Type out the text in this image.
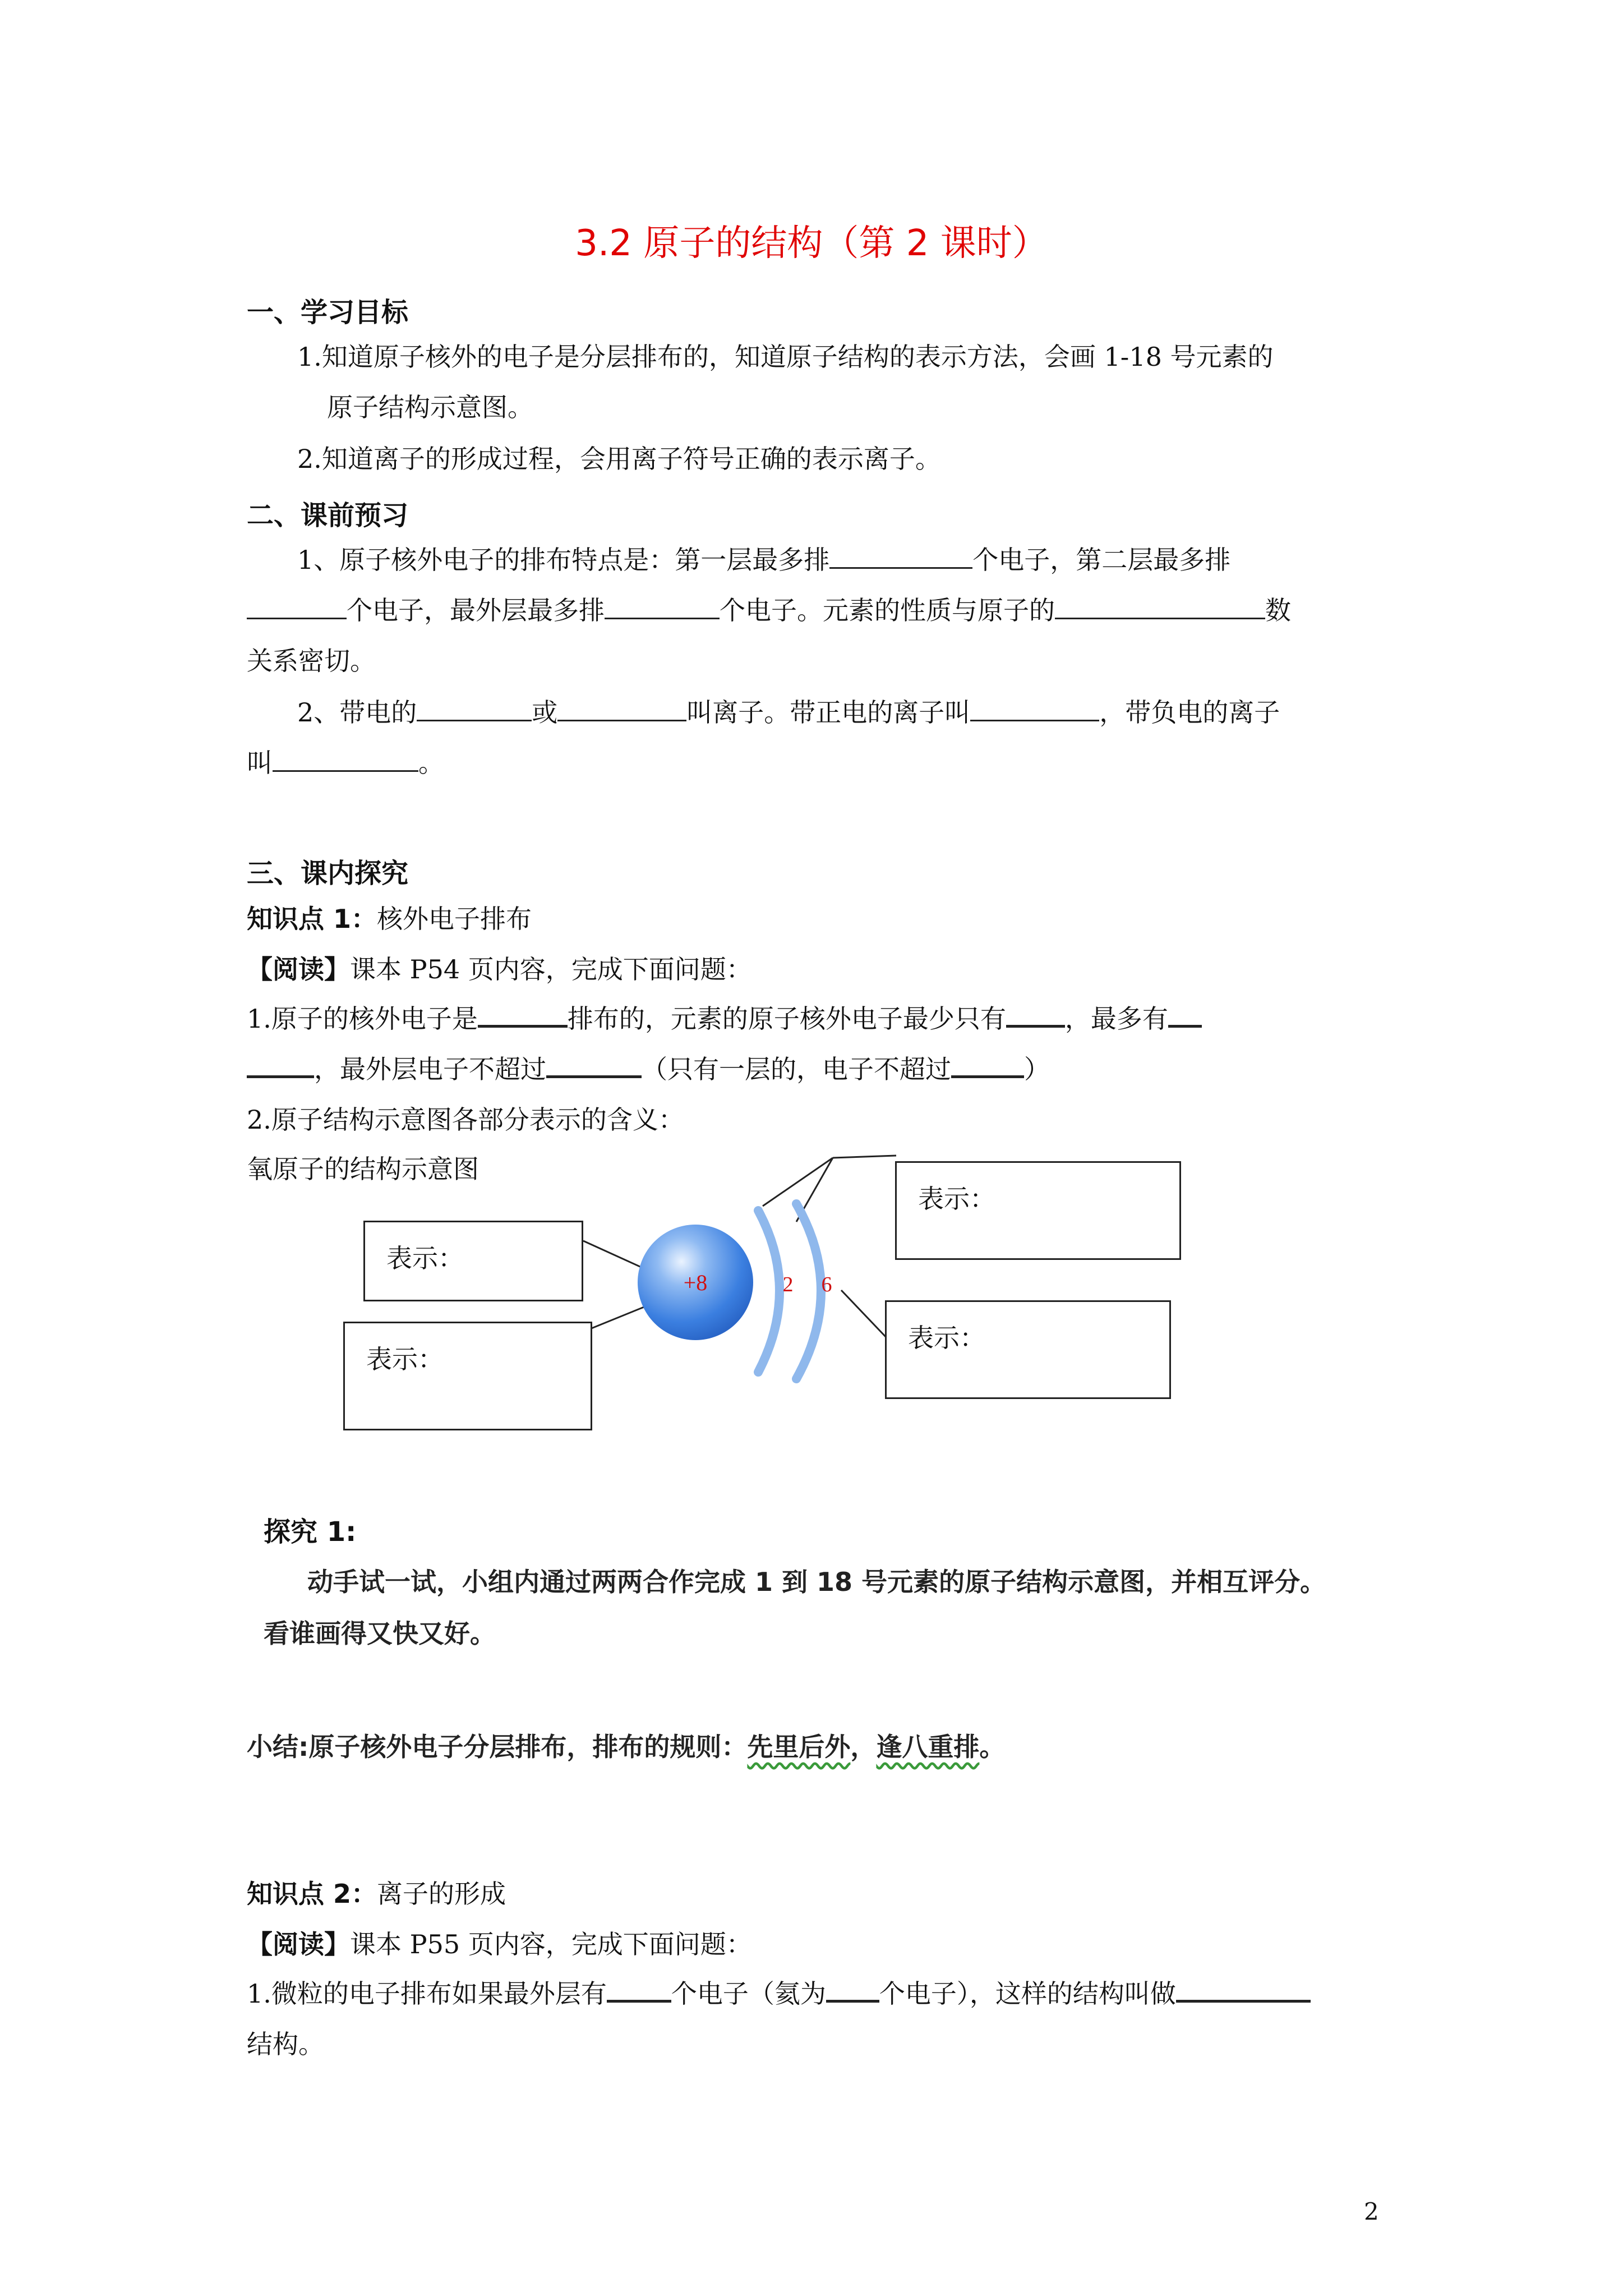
3.2 原子的结构（第 2 课时）
一、学习目标
1.知道原子核外的电子是分层排布的，知道原子结构的表示方法，会画 1-18 号元素的
原子结构示意图。
2.知道离子的形成过程，会用离子符号正确的表示离子。
二、课前预习
1、原子核外电子的排布特点是：第一层最多排	个电子，第二层最多排
个电子，最外层最多排	个电子。元素的性质与原子的	数
关系密切。
2、带电的	或	叫离子。带正电的离子叫	，带负电的离子
叫	。
三、课内探究
知识点 1：核外电子排布
【阅读】课本 P54 页内容，完成下面问题：
1.原子的核外电子是	排布的，元素的原子核外电子最少只有 ，最多有
，最外层电子不超过	（只有一层的，电子不超过	）
2.原子结构示意图各部分表示的含义：
氧原子的结构示意图
+8	2 6
表示：
表示：
表示：
表示：
探究 1:
动手试一试，小组内通过两两合作完成 1 到 18 号元素的原子结构示意图，并相互评分。
看谁画得又快又好。
小结:原子核外电子分层排布，排布的规则：先里后外，逢八重排。
知识点 2：离子的形成
【阅读】课本 P55 页内容，完成下面问题：
1.微粒的电子排布如果最外层有	个电子（氦为 个电子），这样的结构叫做
结构。
2
